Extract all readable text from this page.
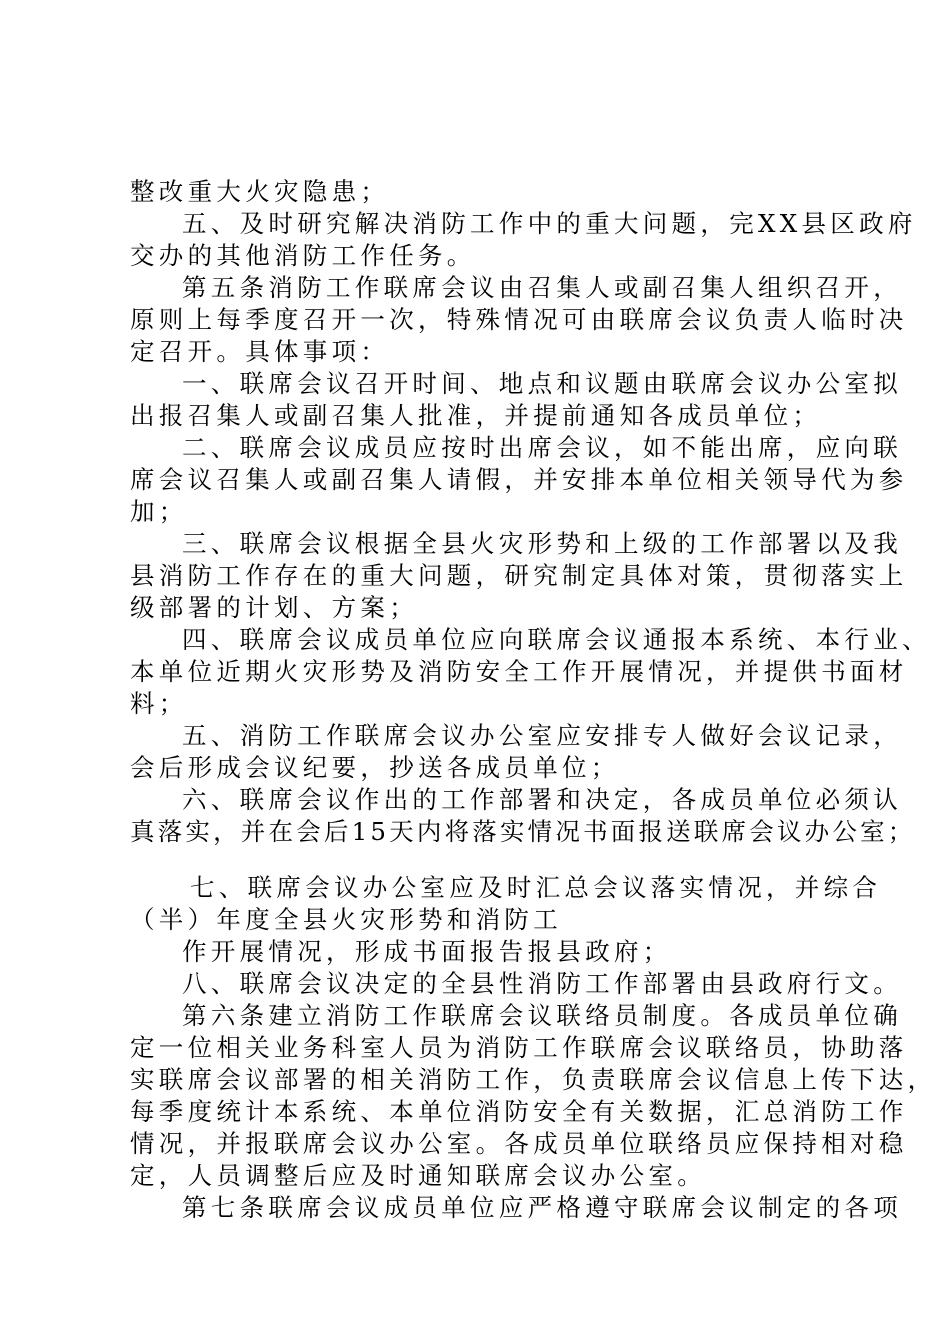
整改重大火灾隐患；
五、及时研究解决消防工作中的重大问题，完XX县区政府
交办的其他消防工作任务。
第五条消防工作联席会议由召集人或副召集人组织召开，
原则上每季度召开一次，特殊情况可由联席会议负责人临时决
定召开。具体事项：
一、联席会议召开时间、地点和议题由联席会议办公室拟
出报召集人或副召集人批准，并提前通知各成员单位；
二、联席会议成员应按时出席会议，如不能出席，应向联
席会议召集人或副召集人请假，并安排本单位相关领导代为参
加；
三、联席会议根据全县火灾形势和上级的工作部署以及我
县消防工作存在的重大问题，研究制定具体对策，贯彻落实上
级部署的计划、方案；
四、联席会议成员单位应向联席会议通报本系统、本行业、
本单位近期火灾形势及消防安全工作开展情况，并提供书面材
料；
五、消防工作联席会议办公室应安排专人做好会议记录，
会后形成会议纪要，抄送各成员单位；
六、联席会议作出的工作部署和决定，各成员单位必须认
真落实，并在会后15天内将落实情况书面报送联席会议办公室；
七、联席会议办公室应及时汇总会议落实情况，并综合
（半）年度全县火灾形势和消防工
作开展情况，形成书面报告报县政府；
八、联席会议决定的全县性消防工作部署由县政府行文。
第六条建立消防工作联席会议联络员制度。各成员单位确
定一位相关业务科室人员为消防工作联席会议联络员，协助落
实联席会议部署的相关消防工作，负责联席会议信息上传下达，
每季度统计本系统、本单位消防安全有关数据，汇总消防工作
情况，并报联席会议办公室。各成员单位联络员应保持相对稳
定，人员调整后应及时通知联席会议办公室。
第七条联席会议成员单位应严格遵守联席会议制定的各项
